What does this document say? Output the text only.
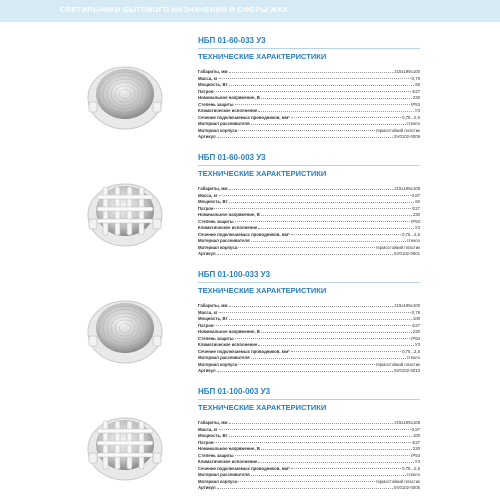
СВЕТИЛЬНИКИ БЫТОВОГО НАЗНАЧЕНИЯ И СФЕРЫ ЖКХ
НБП 01-60-033 У3
ТЕХНИЧЕСКИЕ ХАРАКТЕРИСТИКИ
Габариты, мм	215х195х100
Масса, кг	0,79
Мощность, Вт	60
Патрон	E27
Номинальное напряжение, В	230
Степень защиты	IP53
Климатическое исполнение	У3
Сечение подключаемых проводников, мм²	0,75...2,5
Материал рассеивателя	стекло
Материал корпуса	термостойкий пластик
Артикул	SV0102-0009
НБП 01-60-003 У3
ТЕХНИЧЕСКИЕ ХАРАКТЕРИСТИКИ
Габариты, мм	215х195х108
Масса, кг	0,87
Мощность, Вт	60
Патрон	E27
Номинальное напряжение, В	230
Степень защиты	IP53
Климатическое исполнение	У3
Сечение подключаемых проводников, мм²	0,75...2,5
Материал рассеивателя	стекло
Материал корпуса	термостойкий пластик
Артикул	SV0102-0001
НБП 01-100-033 У3
ТЕХНИЧЕСКИЕ ХАРАКТЕРИСТИКИ
Габариты, мм	215х195х100
Масса, кг	0,79
Мощность, Вт	100
Патрон	E27
Номинальное напряжение, В	230
Степень защиты	IP53
Климатическое исполнение	У3
Сечение подключаемых проводников, мм²	0,75...2,5
Материал рассеивателя	стекло
Материал корпуса	термостойкий пластик
Артикул	SV0102-0013
НБП 01-100-003 У3
ТЕХНИЧЕСКИЕ ХАРАКТЕРИСТИКИ
Габариты, мм	215х195х108
Масса, кг	0,87
Мощность, Вт	100
Патрон	E27
Номинальное напряжение, В	230
Степень защиты	IP53
Климатическое исполнение	У3
Сечение подключаемых проводников, мм²	0,75...2,5
Материал рассеивателя	стекло
Материал корпуса	термостойкий пластик
Артикул	SV0102-0005
